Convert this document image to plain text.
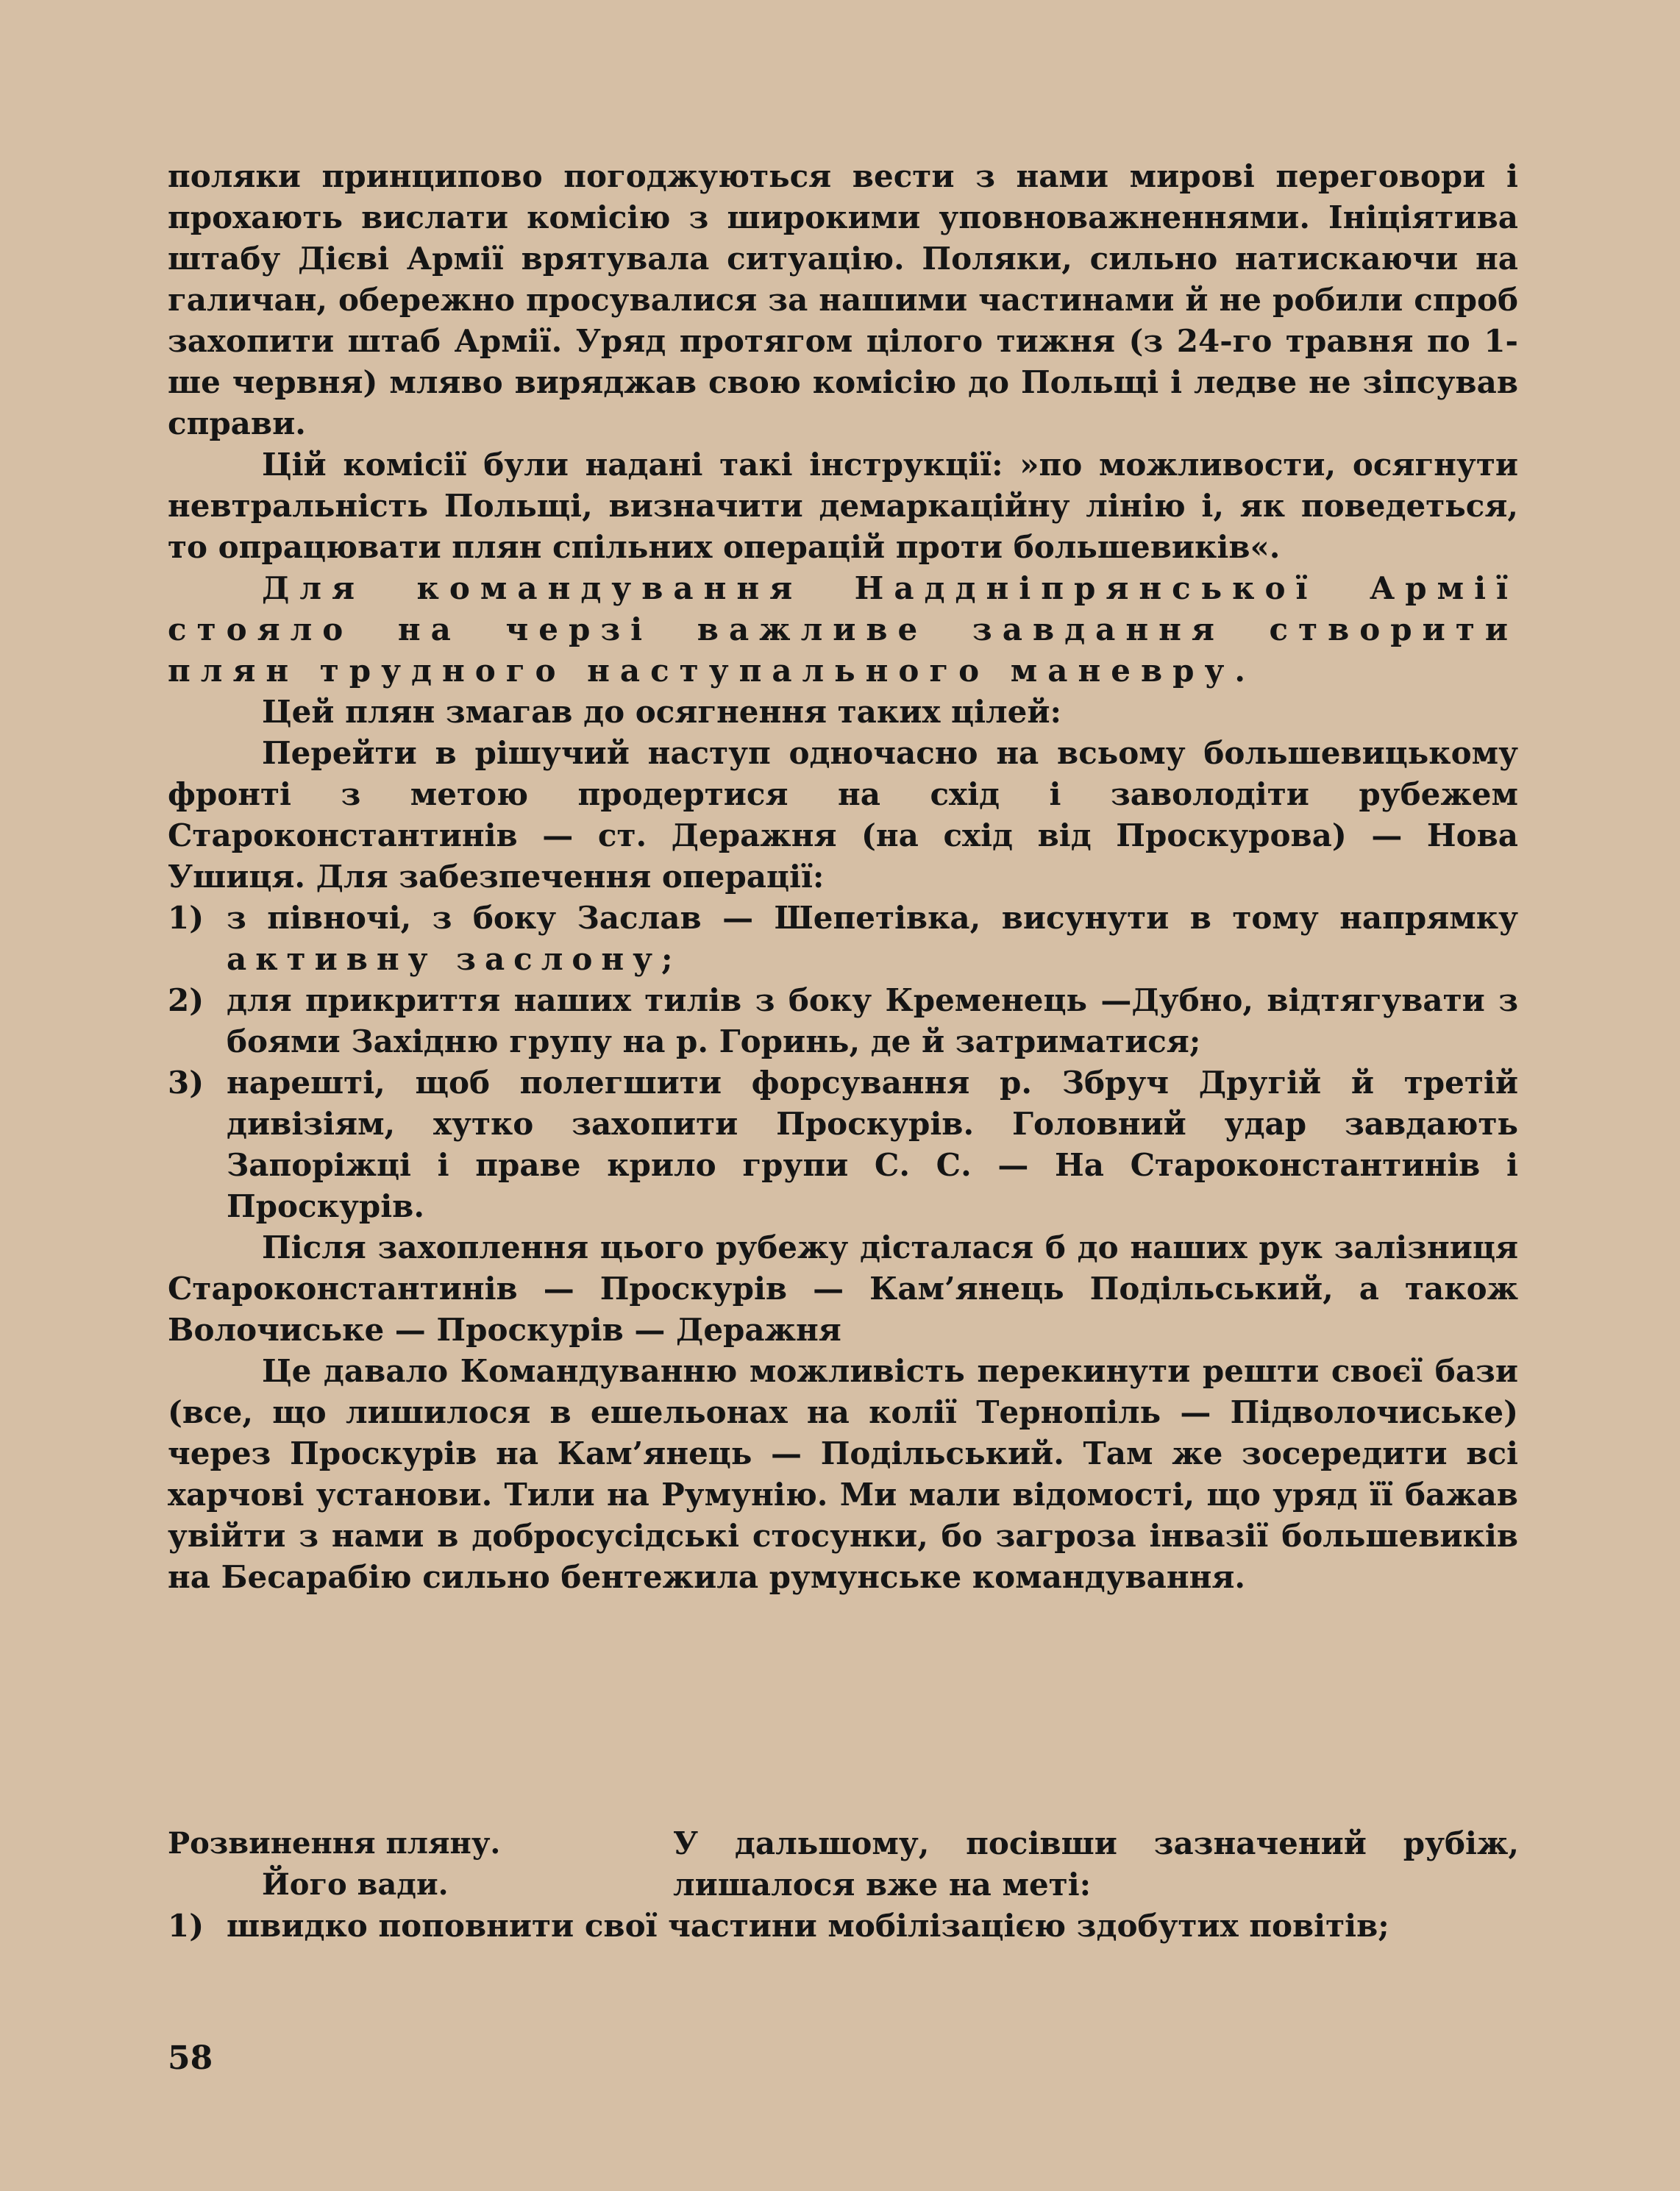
поляки принципово погоджуються вести з нами мирові переговори і прохають вислати комісію з широкими уповноважненнями. Ініціятива штабу Дієві Армії врятувала ситуацію. Поляки, сильно натискаючи на галичан, обережно просувалися за нашими частинами й не робили спроб захопити штаб Армії. Уряд протягом цілого тижня (з 24-го травня по 1-ше червня) мляво виряджав свою комісію до Польщі і ледве не зіпсував справи.

Цій комісії були надані такі інструкції: »по можливости, осягнути невтральність Польщі, визначити демаркаційну лінію і, як поведеться, то опрацювати плян спільних операцій проти большевиків«.

Для командування Наддніпрянської Армії стояло на черзі важливе завдання створити плян трудного наступального маневру.

Цей плян змагав до осягнення таких цілей:

Перейти в рішучий наступ одночасно на всьому большевицькому фронті з метою продертися на схід і заволодіти рубежем Староконстантинів — ст. Деражня (на схід від Проскурова) — Нова Ушиця. Для забезпечення операції:

1) з півночі, з боку Заслав — Шепетівка, висунути в тому напрямку активну заслону;

2) для прикриття наших тилів з боку Кременець —Дубно, відтягувати з боями Західню групу на р. Горинь, де й затриматися;

3) нарешті, щоб полегшити форсування р. Збруч Другій й третій дивізіям, хутко захопити Проскурів. Головний удар завдають Запоріжці і праве крило групи С. С. — На Староконстантинів і Проскурів.

Після захоплення цього рубежу дісталася б до наших рук залізниця Староконстантинів — Проскурів — Кам’янець Подільський, а також Волочиське — Проскурів — Деражня

Це давало Командуванню можливість перекинути решти своєї бази (все, що лишилося в ешельонах на колії Тернопіль — Підволочиське) через Проскурів на Кам’янець — Подільський. Там же зосередити всі харчові установи. Тили на Румунію. Ми мали відомості, що уряд її бажав увійти з нами в добросусідські стосунки, бо загроза інвазії большевиків на Бесарабію сильно бентежила румунське командування.

Розвинення пляну.
Його вади.
У дальшому, посівши зазначений рубіж, лишалося вже на меті:

1) швидко поповнити свої частини мобілізацією здобутих повітів;

58
